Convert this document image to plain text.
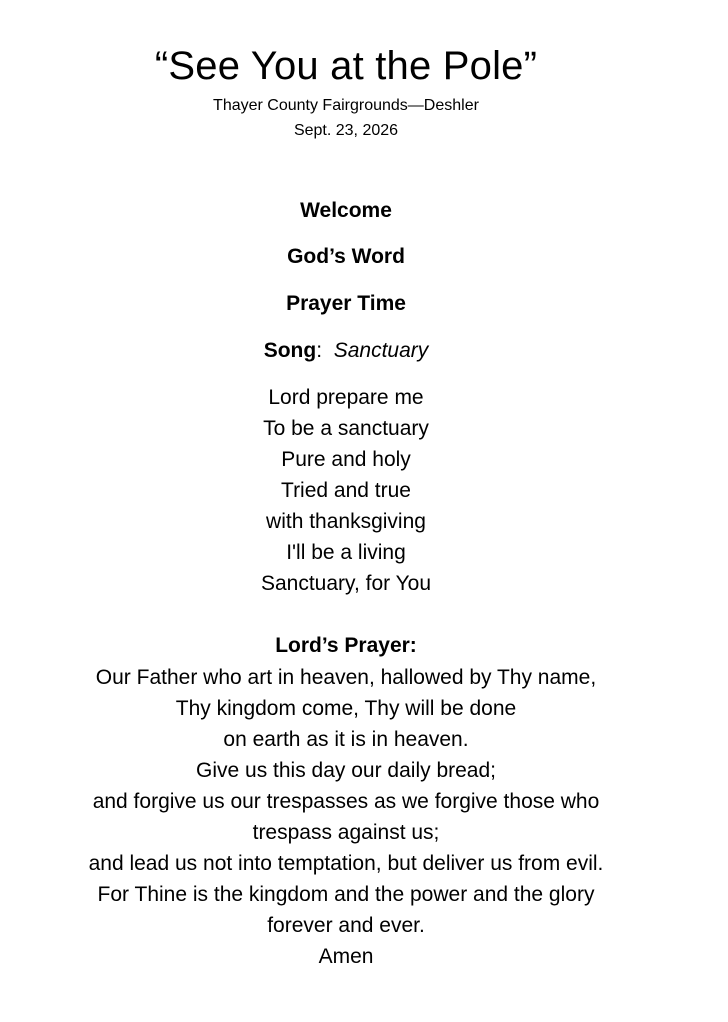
“See You at the Pole”
Thayer County Fairgrounds—Deshler
Sept. 23, 2026
Welcome
God’s Word
Prayer Time
Song:  Sanctuary
Lord prepare me
To be a sanctuary
Pure and holy
Tried and true
with thanksgiving
I'll be a living
Sanctuary, for You
Lord’s Prayer:
Our Father who art in heaven, hallowed by Thy name,
Thy kingdom come, Thy will be done
on earth as it is in heaven.
Give us this day our daily bread;
and forgive us our trespasses as we forgive those who
trespass against us;
and lead us not into temptation, but deliver us from evil.
For Thine is the kingdom and the power and the glory
forever and ever.
Amen
